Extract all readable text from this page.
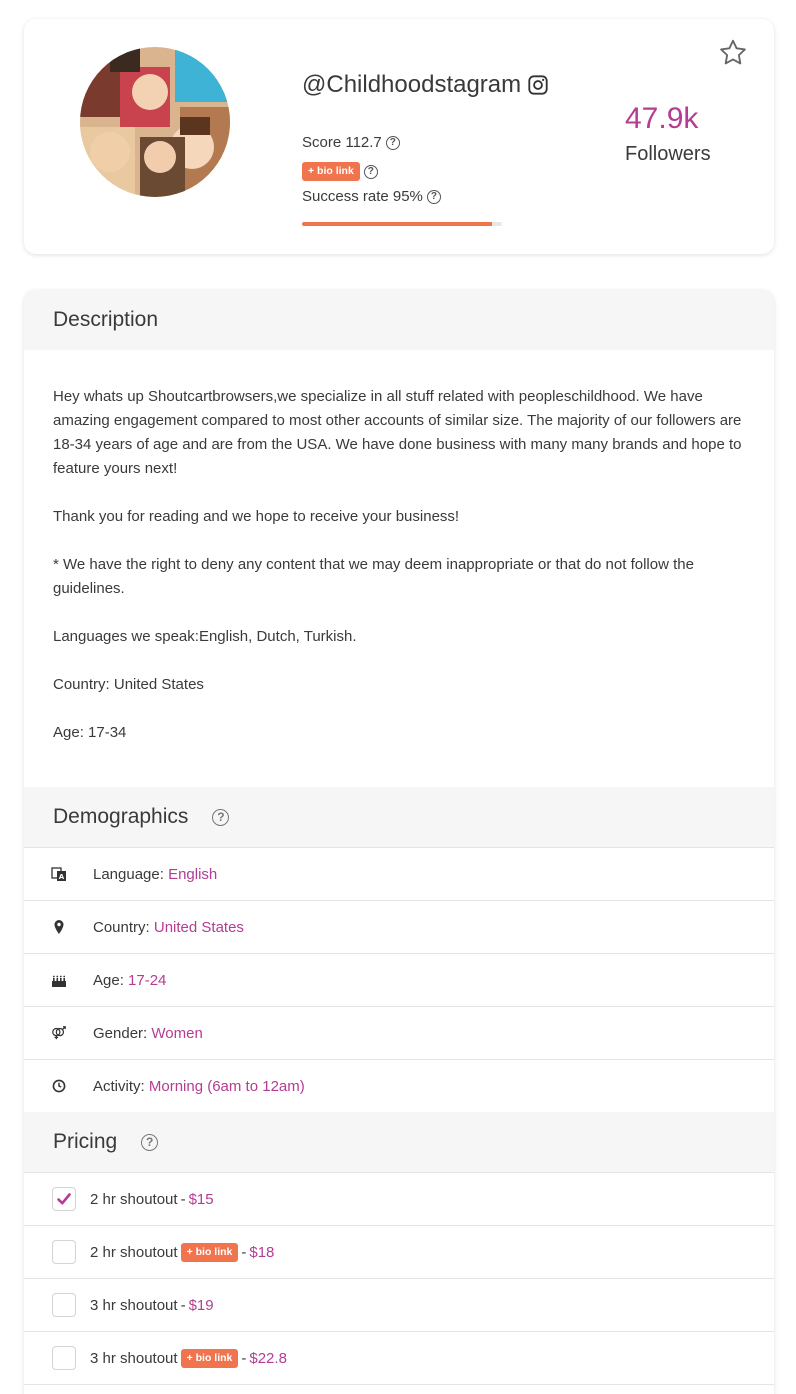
@Childhoodstagram
Score 112.7 ?
+ bio link	?
Success rate 95% ?
47.9k
Followers
Description

Hey whats up Shoutcartbrowsers,we specialize in all stuff related with peopleschildhood. We have amazing engagement compared to most other accounts of similar size. The majority of our followers are 18-34 years of age and are from the USA. We have done business with many many brands and hope to feature yours next!

Thank you for reading and we hope to receive your business!

* We have the right to deny any content that we may deem inappropriate or that do not follow the guidelines.

Languages we speak:English, Dutch, Turkish.

Country: United States

Age: 17-34

Demographics	?
A Language: English
Country: United States
Age: 17-24
Gender: Women
Activity: Morning (6am to 12am)
Pricing	?
2 hr shoutout - $15
2 hr shoutout + bio link - $18
3 hr shoutout - $19
3 hr shoutout + bio link - $22.8
